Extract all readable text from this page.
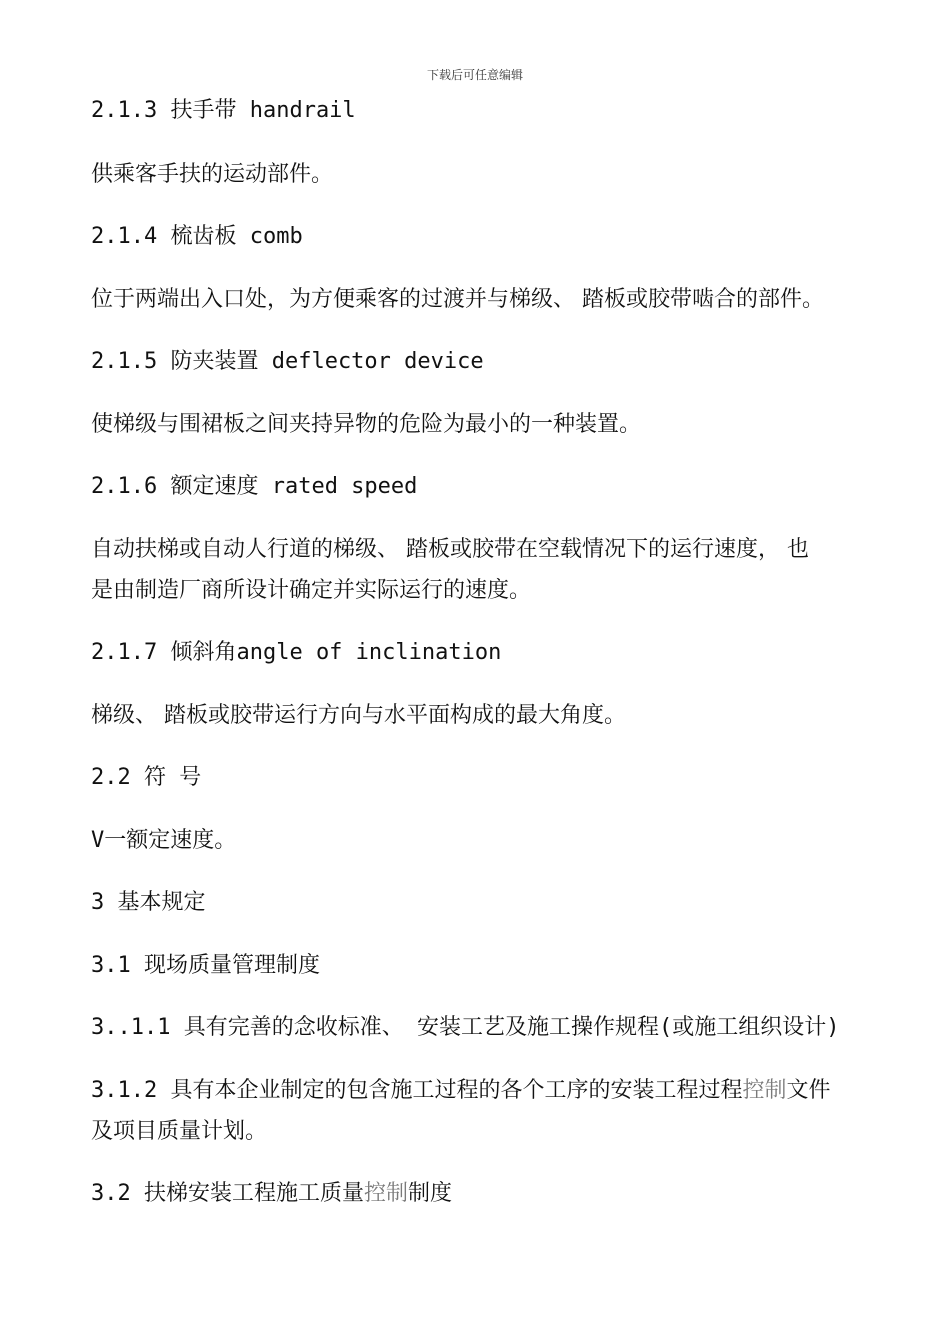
下载后可任意编辑
2.1.3 扶手带 handrail
供乘客手扶的运动部件。
2.1.4 梳齿板 comb
位于两端出入口处，为方便乘客的过渡并与梯级、 踏板或胶带啮合的部件。
2.1.5 防夹装置 deflector device
使梯级与围裙板之间夹持异物的危险为最小的一种装置。
2.1.6 额定速度 rated speed
自动扶梯或自动人行道的梯级、 踏板或胶带在空载情况下的运行速度， 也
是由制造厂商所设计确定并实际运行的速度。
2.1.7 倾斜角angle of inclination
梯级、 踏板或胶带运行方向与水平面构成的最大角度。
2.2 符 号
V一额定速度。
3 基本规定
3.1 现场质量管理制度
3..1.1 具有完善的念收标准、 安装工艺及施工操作规程(或施工组织设计)
3.1.2 具有本企业制定的包含施工过程的各个工序的安装工程过程控制文件
及项目质量计划。
3.2 扶梯安装工程施工质量控制制度
